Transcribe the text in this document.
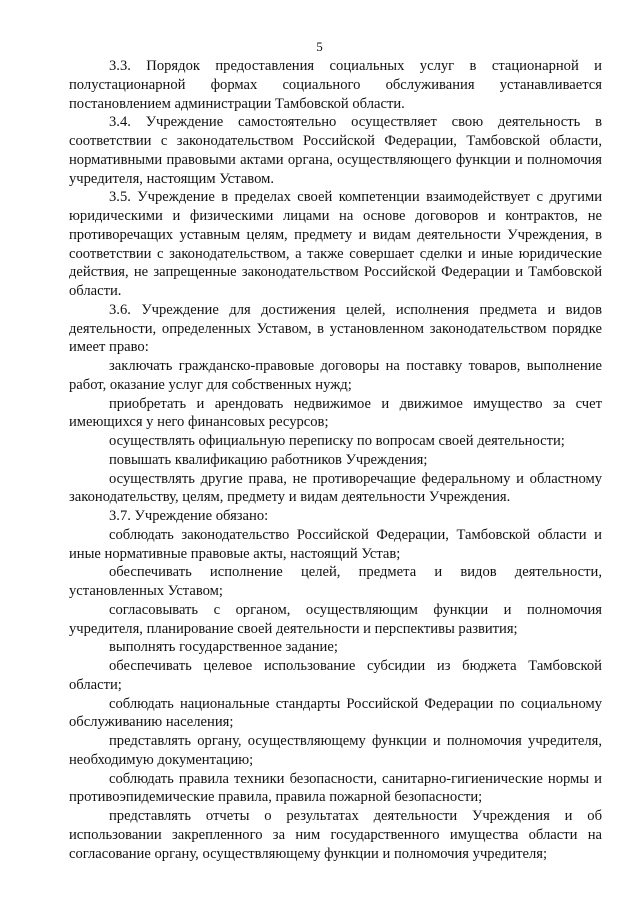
5

3.3. Порядок предоставления социальных услуг в стационарной и полустационарной формах социального обслуживания устанавливается постановлением администрации Тамбовской области.

3.4. Учреждение самостоятельно осуществляет свою деятельность в соответствии с законодательством Российской Федерации, Тамбовской области, нормативными правовыми актами органа, осуществляющего функции и полномочия учредителя, настоящим Уставом.

3.5. Учреждение в пределах своей компетенции взаимодействует с другими юридическими и физическими лицами на основе договоров и контрактов, не противоречащих уставным целям, предмету и видам деятельности Учреждения, в соответствии с законодательством, а также совершает сделки и иные юридические действия, не запрещенные законодательством Российской Федерации и Тамбовской области.

3.6. Учреждение для достижения целей, исполнения предмета и видов деятельности, определенных Уставом, в установленном законодательством порядке имеет право:

заключать гражданско-правовые договоры на поставку товаров, выполнение работ, оказание услуг для собственных нужд;

приобретать и арендовать недвижимое и движимое имущество за счет имеющихся у него финансовых ресурсов;

осуществлять официальную переписку по вопросам своей деятельности;

повышать квалификацию работников Учреждения;

осуществлять другие права, не противоречащие федеральному и областному законодательству, целям, предмету и видам деятельности Учреждения.

3.7. Учреждение обязано:

соблюдать законодательство Российской Федерации, Тамбовской области и иные нормативные правовые акты, настоящий Устав;

обеспечивать исполнение целей, предмета и видов деятельности, установленных Уставом;

согласовывать с органом, осуществляющим функции и полномочия учредителя, планирование своей деятельности и перспективы развития;

выполнять государственное задание;

обеспечивать целевое использование субсидии из бюджета Тамбовской области;

соблюдать национальные стандарты Российской Федерации по социальному обслуживанию населения;

представлять органу, осуществляющему функции и полномочия учредителя, необходимую документацию;

соблюдать правила техники безопасности, санитарно-гигиенические нормы и противоэпидемические правила, правила пожарной безопасности;

представлять отчеты о результатах деятельности Учреждения и об использовании закрепленного за ним государственного имущества области на согласование органу, осуществляющему функции и полномочия учредителя;
